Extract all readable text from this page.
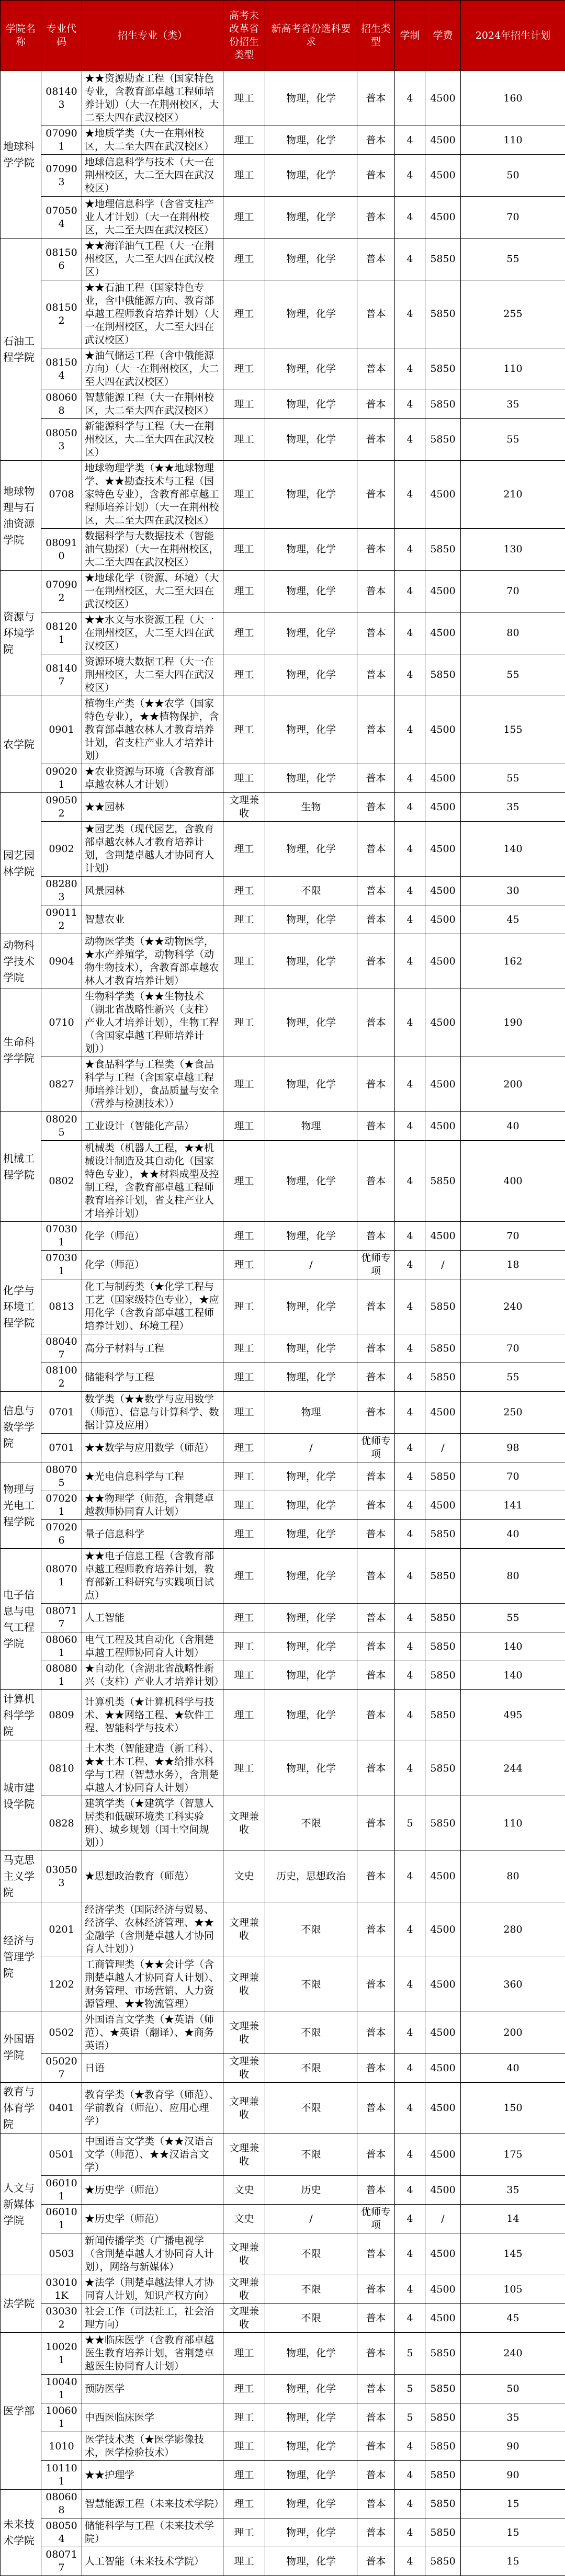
学院名称	专业代码	招生专业（类）	高考未改革省份招生类型	新高考省份选科要求	招生类型	学制	学费	2024年招生计划
地球科学学院	081403	★★资源勘查工程（国家特色专业，含教育部卓越工程师培养计划）（大一在荆州校区，大二至大四在武汉校区）	理工	物理，化学	普本	4	4500	160
	070901	★地质学类（大一在荆州校区，大二至大四在武汉校区）	理工	物理，化学	普本	4	4500	110
	070903	地球信息科学与技术（大一在荆州校区，大二至大四在武汉校区）	理工	物理，化学	普本	4	4500	50
	070504	★地理信息科学（含省支柱产业人才计划）（大一在荆州校区，大二至大四在武汉校区）	理工	物理，化学	普本	4	4500	70
石油工程学院	081506	★★海洋油气工程（大一在荆州校区，大二至大四在武汉校区）	理工	物理，化学	普本	4	5850	55
	081502	★★石油工程（国家特色专业，含中俄能源方向、教育部卓越工程师教育培养计划）（大一在荆州校区，大二至大四在武汉校区）	理工	物理，化学	普本	4	5850	255
	081504	★油气储运工程（含中俄能源方向）（大一在荆州校区，大二至大四在武汉校区）	理工	物理，化学	普本	4	5850	110
	080608	智慧能源工程（大一在荆州校区，大二至大四在武汉校区）	理工	物理，化学	普本	4	5850	35
	080503	新能源科学与工程（大一在荆州校区，大二至大四在武汉校区）	理工	物理，化学	普本	4	5850	55
地球物理与石油资源学院	0708	地球物理学类（★★地球物理学、★★勘查技术与工程（国家特色专业），含教育部卓越工程师培养计划）（大一在荆州校区，大二至大四在武汉校区）	理工	物理，化学	普本	4	4500	210
	080910	数据科学与大数据技术（智能油气勘探）（大一在荆州校区，大二至大四在武汉校区）	理工	物理，化学	普本	4	5850	130
资源与环境学院	070902	★地球化学（资源、环境）（大一在荆州校区，大二至大四在武汉校区）	理工	物理，化学	普本	4	4500	70
	081201	★★水文与水资源工程（大一在荆州校区，大二至大四在武汉校区）	理工	物理，化学	普本	4	4500	80
	081407	资源环境大数据工程（大一在荆州校区，大二至大四在武汉校区）	理工	物理，化学	普本	4	5850	55
农学院	0901	植物生产类（★★农学（国家特色专业），★★植物保护，含教育部卓越农林人才教育培养计划，省支柱产业人才培养计划）	理工	物理，化学	普本	4	4500	155
	090201	★农业资源与环境（含教育部卓越农林人才计划）	理工	物理，化学	普本	4	4500	55
园艺园林学院	090502	★★园林	文理兼收	生物	普本	4	4500	35
	0902	★园艺类（现代园艺，含教育部卓越农林人才教育培养计划，含荆楚卓越人才协同育人计划）	理工	物理，化学	普本	4	4500	140
	082803	风景园林	理工	不限	普本	4	4500	30
	090112	智慧农业	理工	物理，化学	普本	4	4500	45
动物科学技术学院	0904	动物医学类（★★动物医学，★水产养殖学，动物科学（动物生物技术），含教育部卓越农林人才教育培养计划）	理工	物理，化学	普本	4	4500	162
生命科学学院	0710	生物科学类（★★生物技术（湖北省战略性新兴（支柱）产业人才培养计划），生物工程（含国家卓越工程师培养计划））	理工	物理，化学	普本	4	4500	190
	0827	★食品科学与工程类（★食品科学与工程（含国家卓越工程师培养计划），食品质量与安全（营养与检测技术））	理工	物理，化学	普本	4	4500	200
机械工程学院	080205	工业设计（智能化产品）	理工	物理	普本	4	4500	40
	0802	机械类（机器人工程，★★机械设计制造及其自动化（国家特色专业），★★材料成型及控制工程，含教育部卓越工程师教育培养计划，省支柱产业人才培养计划）	理工	物理，化学	普本	4	5850	400
化学与环境工程学院	070301	化学（师范）	理工	物理，化学	普本	4	4500	70
	070301	化学（师范）	理工	/	优师专项	4	/	18
	0813	化工与制药类（★化学工程与工艺（国家级特色专业），★应用化学（含教育部卓越工程师培养计划）、环境工程）	理工	物理，化学	普本	4	5850	240
	080407	高分子材料与工程	理工	物理，化学	普本	4	5850	70
	081002	储能科学与工程	理工	物理，化学	普本	4	5850	55
信息与数学学院	0701	数学类（★★数学与应用数学（师范）、信息与计算科学、数据计算及应用）	理工	物理	普本	4	4500	250
	0701	★★数学与应用数学（师范）	理工	/	优师专项	4	/	98
物理与光电工程学院	080705	★光电信息科学与工程	理工	物理，化学	普本	4	5850	70
	070201	★★物理学（师范，含荆楚卓越教师协同育人计划）	理工	物理，化学	普本	4	4500	141
	070206	量子信息科学	理工	物理，化学	普本	4	5850	40
电子信息与电气工程学院	080701	★★电子信息工程（含教育部卓越工程师教育培养计划，教育部新工科研究与实践项目试点）	理工	物理，化学	普本	4	5850	80
	080717	人工智能	理工	物理，化学	普本	4	5850	55
	080601	电气工程及其自动化（含荆楚卓越工程师协同育人计划）	理工	物理，化学	普本	4	5850	140
	080801	★自动化（含湖北省战略性新兴（支柱）产业人才培养计划）	理工	物理，化学	普本	4	5850	140
计算机科学学院	0809	计算机类（★计算机科学与技术、★★网络工程、★软件工程、智能科学与技术）	理工	物理，化学	普本	4	5850	495
城市建设学院	0810	土木类（智能建造（新工科）、★★土木工程、★★给排水科学与工程（智慧水务），含荆楚卓越人才协同育人计划）	理工	物理，化学	普本	4	5850	244
	0828	建筑学类（★建筑学（智慧人居类和低碳环境类工科实验班）、城乡规划（国土空间规划））	文理兼收	不限	普本	5	5850	110
马克思主义学院	030503	★思想政治教育（师范）	文史	历史，思想政治	普本	4	4500	80
经济与管理学院	0201	经济学类（国际经济与贸易、经济学、农林经济管理、★★金融学（含荆楚卓越人才协同育人计划））	文理兼收	不限	普本	4	4500	280
	1202	工商管理类（★★会计学（含荆楚卓越人才协同育人计划）、财务管理、市场营销、人力资源管理、★★物流管理）	文理兼收	不限	普本	4	4500	360
外国语学院	0502	外国语言文学类（★英语（师范）、★英语（翻译）、★商务英语）	文理兼收	不限	普本	4	4500	200
	050207	日语	文理兼收	不限	普本	4	4500	40
教育与体育学院	0401	教育学类（★教育学（师范）、学前教育（师范）、应用心理学）	文理兼收	不限	普本	4	4500	150
人文与新媒体学院	0501	中国语言文学类（★★汉语言文学（师范）、★★汉语言文学）	文理兼收	不限	普本	4	4500	175
	060101	★历史学（师范）	文史	历史	普本	4	4500	35
	060101	★历史学（师范）	文史	/	优师专项	4	/	14
	0503	新闻传播学类（广播电视学（含荆楚卓越人才协同育人计划），网络与新媒体）	文理兼收	不限	普本	4	4500	145
法学院	030101K	★法学（荆楚卓越法律人才协同育人计划，知识产权方向）	文理兼收	不限	普本	4	4500	105
	030302	社会工作（司法社工，社会治理方向）	文理兼收	不限	普本	4	4500	45
医学部	100201	★★临床医学（含教育部卓越医生教育培养计划，省荆楚卓越医生协同育人计划）	理工	物理，化学	普本	5	5850	240
	100401	预防医学	理工	物理，化学	普本	5	5850	50
	100601	中西医临床医学	理工	物理，化学	普本	5	5850	35
	1010	医学技术类（★医学影像技术，医学检验技术）	理工	物理，化学	普本	4	5850	90
	101101	★★护理学	理工	物理，化学	普本	4	5850	90
未来技术学院	080608	智慧能源工程（未来技术学院）	理工	物理，化学	普本	4	5850	15
	080504	储能科学与工程（未来技术学院）	理工	物理，化学	普本	4	5850	15
	080717	人工智能（未来技术学院）	理工	物理，化学	普本	4	5850	15
